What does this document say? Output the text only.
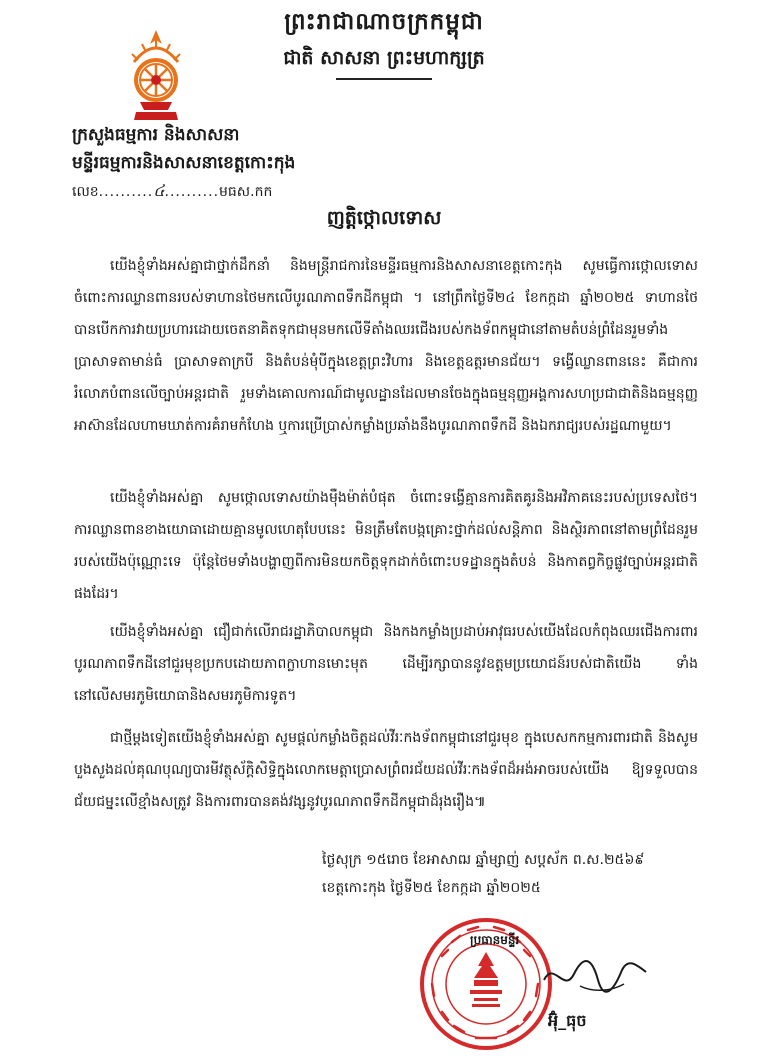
ព្រះរាជាណាចក្រកម្ពុជា
ជាតិ សាសនា ព្រះមហាក្សត្រ
ក្រសួងធម្មការ និងសាសនា
មន្ទីរធម្មការនិងសាសនាខេត្តកោះកុង
លេខ..........៤..........មធស.កក
ញត្តិថ្កោលទោស
យើងខ្ញុំទាំងអស់គ្នាជាថ្នាក់ដឹកនាំ និងមន្ត្រីរាជការនៃមន្ទីរធម្មការនិងសាសនាខេត្តកោះកុង សូមធ្វើការថ្កោលទោសចំពោះការឈ្លានពានរបស់ទាហានថៃមកលើបូរណភាពទឹកដីកម្ពុជា ។ នៅព្រឹកថ្ងៃទី២៤ ខែកក្កដា ឆ្នាំ២០២៥ ទាហានថៃបានបើកការវាយប្រហារដោយចេតនាគិតទុកជាមុនមកលើទីតាំងឈរជើងរបស់កងទ័ពកម្ពុជានៅតាមតំបន់ព្រំដែនរួមទាំងប្រាសាទតាមាន់ធំ ប្រាសាទតាក្របី និងតំបន់មុំបីក្នុងខេត្តព្រះវិហារ និងខេត្តឧត្តរមានជ័យ។ ទង្វើឈ្លានពាននេះ គឺជាការរំលោភបំពានលើច្បាប់អន្តរជាតិ រួមទាំងគោលការណ៍ជាមូលដ្ឋានដែលមានចែងក្នុងធម្មនុញ្ញអង្គការសហប្រជាជាតិនិងធម្មនុញ្ញអាស៊ានដែលហាមឃាត់ការគំរាមកំហែង ឬការប្រើប្រាស់កម្លាំងប្រឆាំងនឹងបូរណភាពទឹកដី និងឯករាជ្យរបស់រដ្ឋណាមួយ។
យើងខ្ញុំទាំងអស់គ្នា សូមថ្កោលទោសយ៉ាងម៉ឺងម៉ាត់បំផុត ចំពោះទង្វើគ្មានការគិតគូរនិងអវិភាគនេះរបស់ប្រទេសថៃ។ ការឈ្លានពានខាងយោធាដោយគ្មានមូលហេតុបែបនេះ មិនត្រឹមតែបង្កគ្រោះថ្នាក់ដល់សន្តិភាព និងស្ថិរភាពនៅតាមព្រំដែនរួមរបស់យើងប៉ុណ្ណោះទេ ប៉ុន្តែថៃមទាំងបង្ហាញពីការមិនយកចិត្តទុកដាក់ចំពោះបទដ្ឋានក្នុងតំបន់ និងកាតព្វកិច្ចផ្លូវច្បាប់អន្តរជាតិផងដែរ។
យើងខ្ញុំទាំងអស់គ្នា ជឿជាក់លើរាជរដ្ឋាភិបាលកម្ពុជា និងកងកម្លាំងប្រដាប់អាវុធរបស់យើងដែលកំពុងឈរជើងការពារបូរណភាពទឹកដីនៅជួរមុខប្រកបដោយភាពក្លាហានមោះមុត ដើម្បីរក្សាបាននូវឧត្តមប្រយោជន៍របស់ជាតិយើង ទាំងនៅលើសមរភូមិយោធានិងសមរភូមិការទូត។
ជាថ្មីម្តងទៀតយើងខ្ញុំទាំងអស់គ្នា សូមផ្តល់កម្លាំងចិត្តដល់វីរៈកងទ័ពកម្ពុជានៅជួរមុខ ក្នុងបេសកកម្មការពារជាតិ និងសូមបួងសួងដល់គុណបុណ្យបារមីវត្ថុស័ក្តិសិទ្ធិក្នុងលោកមេត្តាប្រោសព្រំពរជ័យដល់វីរៈកងទ័ពដ៏អង់អាចរបស់យើង ឱ្យទទួលបានជ័យជម្នះលើខ្មាំងសត្រូវ និងការពារបានគង់វង្សនូវបូរណភាពទឹកដីកម្ពុជាដ៏រុងរឿង៕
ថ្ងៃសុក្រ ១៥រោច ខែអាសាឍ ឆ្នាំម្សាញ់ សប្តស័ក ព.ស.២៥៦៩
ខេត្តកោះកុង ថ្ងៃទី២៥ ខែកក្កដា ឆ្នាំ២០២៥
ប្រធានមន្ទីរ
អ៊ុំ_ធុច
